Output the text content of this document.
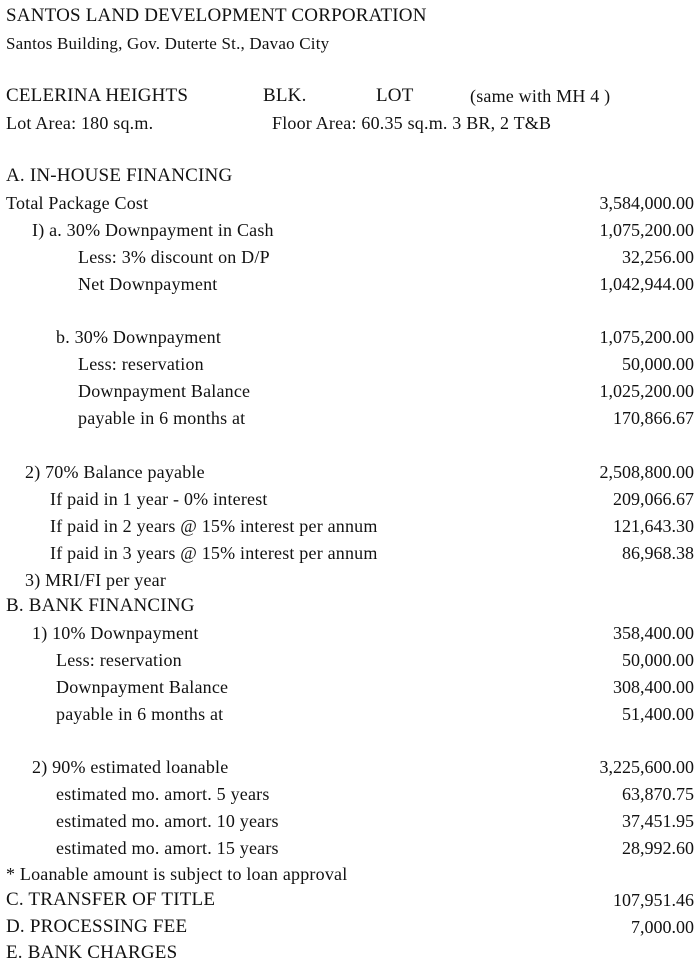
SANTOS LAND DEVELOPMENT CORPORATION
Santos Building, Gov. Duterte St., Davao City
CELERINA HEIGHTS	BLK.	LOT	(same with MH 4 )
Lot Area: 180 sq.m.	Floor Area: 60.35 sq.m. 3 BR, 2 T&B
A. IN-HOUSE FINANCING
Total Package Cost	3,584,000.00
I) a. 30% Downpayment in Cash	1,075,200.00
Less: 3% discount on D/P	32,256.00
Net Downpayment	1,042,944.00
b. 30% Downpayment	1,075,200.00
Less: reservation	50,000.00
Downpayment Balance	1,025,200.00
payable in 6 months at	170,866.67
2) 70% Balance payable	2,508,800.00
If paid in 1 year - 0% interest	209,066.67
If paid in 2 years @ 15% interest per annum	121,643.30
If paid in 3 years @ 15% interest per annum	86,968.38
3) MRI/FI per year
B. BANK FINANCING
1) 10% Downpayment	358,400.00
Less: reservation	50,000.00
Downpayment Balance	308,400.00
payable in 6 months at	51,400.00
2) 90% estimated loanable	3,225,600.00
estimated mo. amort. 5 years	63,870.75
estimated mo. amort. 10 years	37,451.95
estimated mo. amort. 15 years	28,992.60
* Loanable amount is subject to loan approval
C. TRANSFER OF TITLE	107,951.46
D. PROCESSING FEE	7,000.00
E. BANK CHARGES
